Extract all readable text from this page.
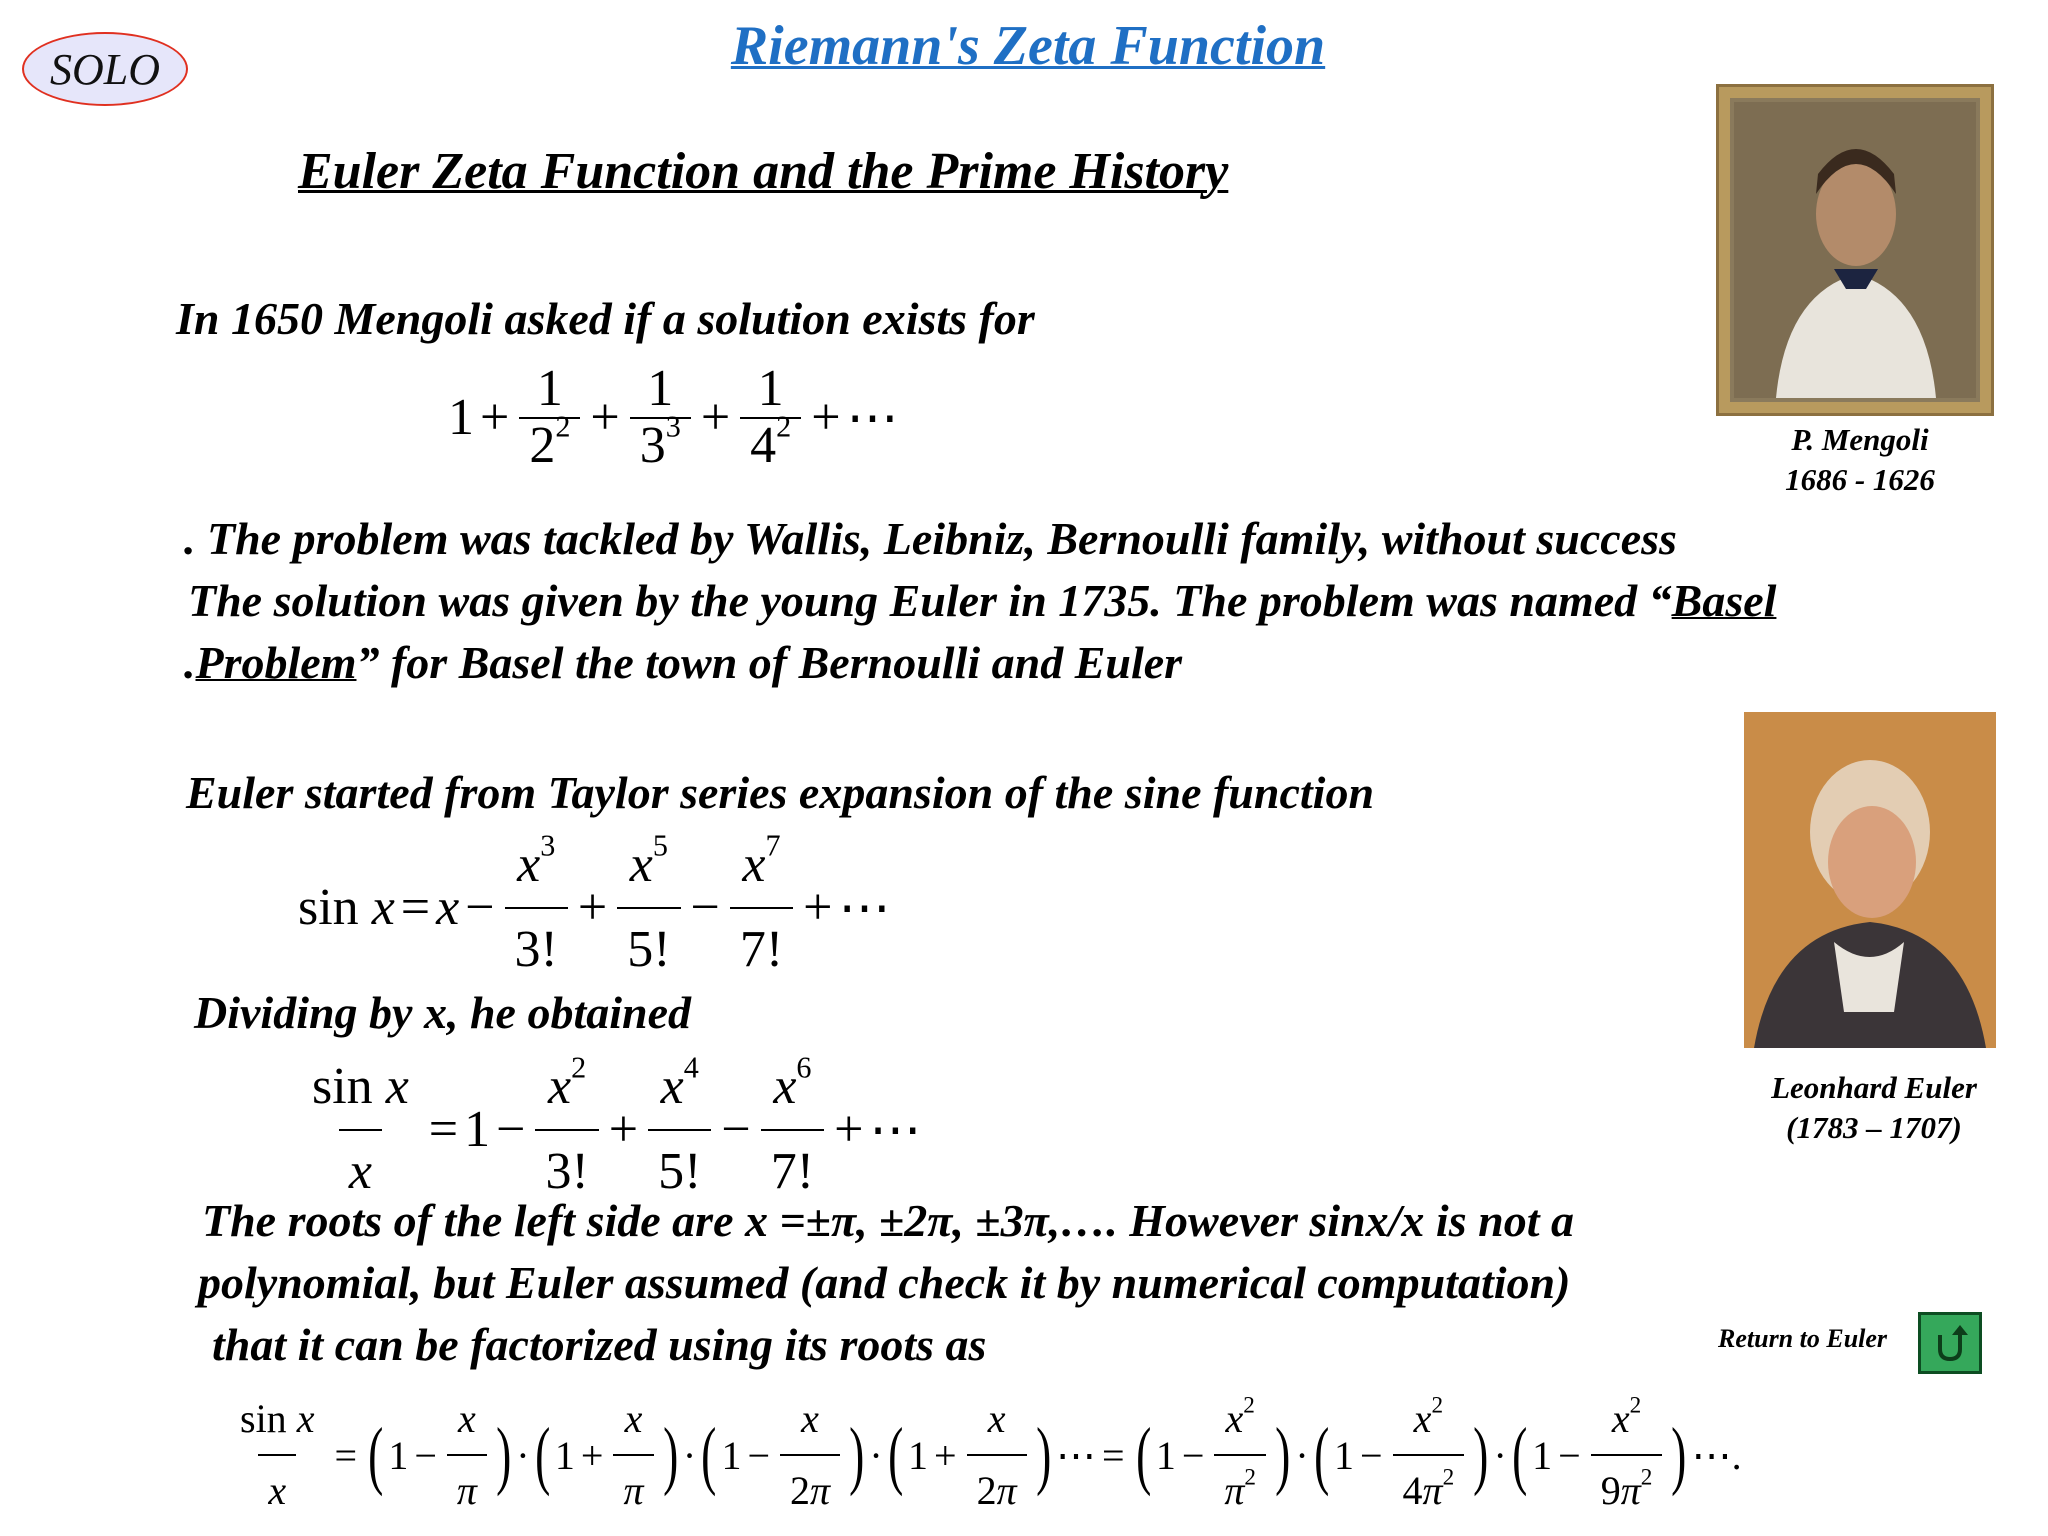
SOLO	Riemann's Zeta Function
Euler Zeta Function and the Prime History
In 1650 Mengoli asked if a solution exists for
$1 + \frac{1}{2^2} + \frac{1}{3^3} + \frac{1}{4^2}$ + ⋯
. The problem was tackled by Wallis, Leibniz, Bernoulli family, without success
The solution was given by the young Euler in 1735. The problem was named “Basel
.Problem” for Basel the town of Bernoulli and Euler
Euler started from Taylor series expansion of the sine function
sin
$x = x - \frac{x^3}{3!} + \frac{x^5}{5!} - \frac{x^7}{7!}$ + ⋯
Dividing by x, he obtained
$\frac{\text{sin x}}{x} = 1 - \frac{x^2}{3!} + \frac{x^4}{5!} - \frac{x^6}{7!}$ + ⋯
The roots of the left side are x =±π, ±2π, ±3π,…. However sinx/x is not a
polynomial, but Euler assumed (and check it by numerical computation)
that it can be factorized using its roots as
$\frac{\text{sin x}}{x}$ = ( $1 - \frac{x}{\pi}$ ) · ( $1 + \frac{x}{\pi}$ ) · ( $1 - \frac{x}{2\pi}$ ) · ( $1 + \frac{x}{2\pi}$ ) ⋯ = ( $1 - \frac{x^2}{\pi^2}$ ) · ( $1 - \frac{x^2}{4\pi^2}$ ) · ( $1 - \frac{x^2}{9\pi^2}$ ) ⋯.
P. Mengoli
1686 - 1626
Leonhard Euler
(1783 – 1707)
Return to Euler
